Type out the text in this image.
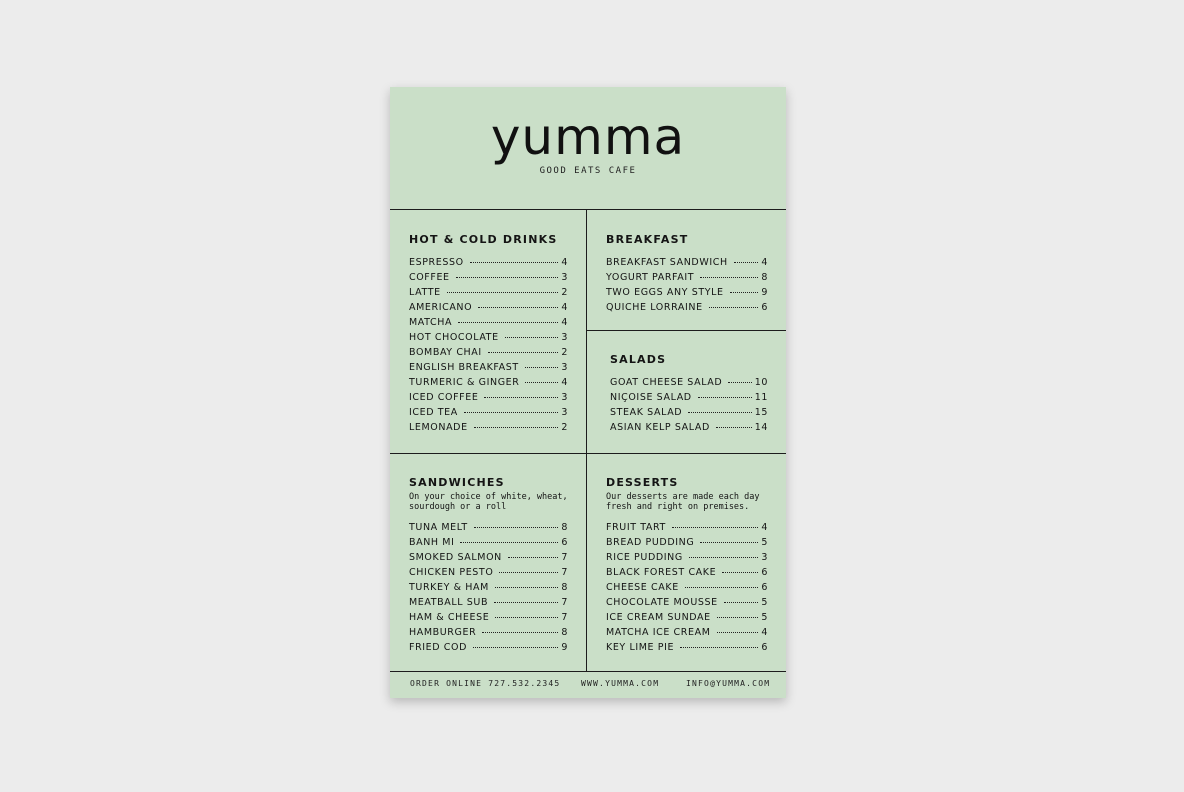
yumma
GOOD EATS CAFE
HOT & COLD DRINKS
ESPRESSO	4
COFFEE	3
LATTE	2
AMERICANO	4
MATCHA	4
HOT CHOCOLATE	3
BOMBAY CHAI	2
ENGLISH BREAKFAST	3
TURMERIC & GINGER	4
ICED COFFEE	3
ICED TEA	3
LEMONADE	2
BREAKFAST
BREAKFAST SANDWICH	4
YOGURT PARFAIT	8
TWO EGGS ANY STYLE	9
QUICHE LORRAINE	6
SALADS
GOAT CHEESE SALAD	10
NIÇOISE SALAD	11
STEAK SALAD	15
ASIAN KELP SALAD	14
SANDWICHES
On your choice of white, wheat,
sourdough or a roll
TUNA MELT	8
BANH MI	6
SMOKED SALMON	7
CHICKEN PESTO	7
TURKEY & HAM	8
MEATBALL SUB	7
HAM & CHEESE	7
HAMBURGER	8
FRIED COD	9
DESSERTS
Our desserts are made each day
fresh and right on premises.
FRUIT TART	4
BREAD PUDDING	5
RICE PUDDING	3
BLACK FOREST CAKE	6
CHEESE CAKE	6
CHOCOLATE MOUSSE	5
ICE CREAM SUNDAE	5
MATCHA ICE CREAM	4
KEY LIME PIE	6
ORDER ONLINE 727.532.2345	WWW.YUMMA.COM	INFO@YUMMA.COM
